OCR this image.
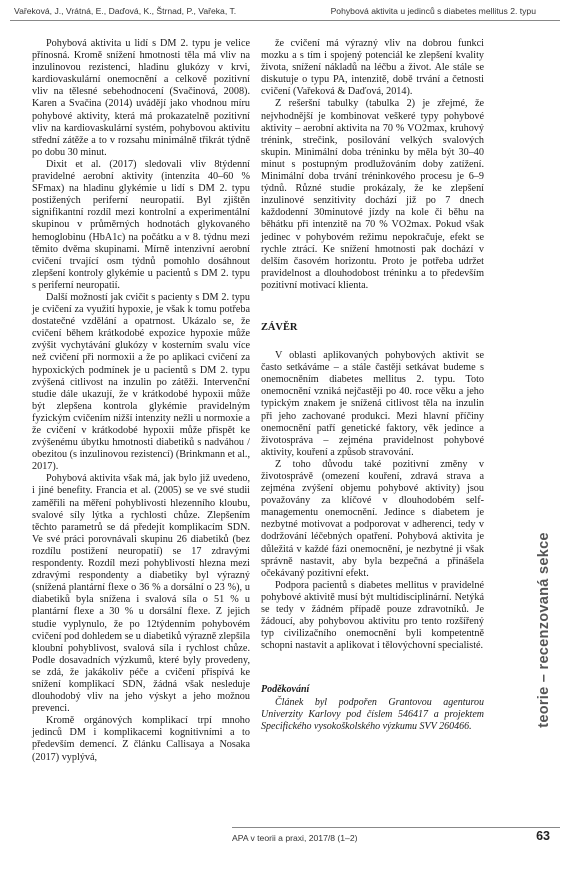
Vařeková, J., Vrátná, E., Daďová, K., Štrnad, P., Vařeka, T.	Pohybová aktivita u jedinců s diabetes mellitus 2. typu

Pohybová aktivita u lidí s DM 2. typu je velice přínosná. Kromě snížení hmotnosti těla má vliv na inzulinovou rezistenci, hladinu glukózy v krvi, kardiovaskulární onemocnění a celkově pozitivní vliv na tělesné sebehodnocení (Svačinová, 2008). Karen a Svačina (2014) uvádějí jako vhodnou míru pohybové aktivity, která má prokazatelně pozitivní vliv na kardiovaskulární systém, pohybovou aktivitu střední zátěže a to v rozsahu minimálně třikrát týdně po dobu 30 minut.

Dixit et al. (2017) sledovali vliv 8týdenní pravidelné aerobní aktivity (intenzita 40–60 % SFmax) na hladinu glykémie u lidí s DM 2. typu postižených periferní neuropatií. Byl zjištěn signifikantní rozdíl mezi kontrolní a experimentální skupinou v průměrných hodnotách glykovaného hemoglobinu (HbA1c) na počátku a v 8. týdnu mezi těmito dvěma skupinami. Mírně intenzivní aerobní cvičení trvající osm týdnů pomohlo dosáhnout zlepšení kontroly glykémie u pacientů s DM 2. typu s periferní neuropatií.

Další možností jak cvičit s pacienty s DM 2. typu je cvičení za využití hypoxie, je však k tomu potřeba dostatečné vzdělání a opatrnost. Ukázalo se, že cvičení během krátkodobé expozice hypoxie může zvýšit vychytávání glukózy v kosterním svalu více než cvičení při normoxii a že po aplikaci cvičení za hypoxických podmínek je u pacientů s DM 2. typu zvýšená citlivost na inzulin po zátěži. Intervenční studie dále ukazují, že v krátkodobé hypoxii může být zlepšena kontrola glykémie pravidelným fyzickým cvičením nižší intenzity nežli u normoxie a že cvičení v krátkodobé hypoxii může přispět ke zvýšenému úbytku hmotnosti diabetiků s nadváhou / obezitou (s inzulinovou rezistencí) (Brinkmann et al., 2017).

Pohybová aktivita však má, jak bylo již uvedeno, i jiné benefity. Francia et al. (2005) se ve své studii zaměřili na měření pohyblivosti hlezenního kloubu, svalové síly lýtka a rychlosti chůze. Zlepšením těchto parametrů se dá předejít komplikacím SDN. Ve své práci porovnávali skupinu 26 diabetiků (bez rozdílu postižení neuropatií) se 17 zdravými respondenty. Rozdíl mezi pohyblivostí hlezna mezi zdravými respondenty a diabetiky byl výrazný (snížená plantární flexe o 36 % a dorsální o 23 %), u diabetiků byla snížena i svalová síla o 51 % u plantární flexe a 30 % u dorsální flexe. Z jejich studie vyplynulo, že po 12týdenním pohybovém cvičení pod dohledem se u diabetiků výrazně zlepšila kloubní pohyblivost, svalová síla i rychlost chůze. Podle dosavadních výzkumů, které byly provedeny, se zdá, že jakákoliv péče a cvičení přispívá ke snížení komplikací SDN, žádná však nesleduje dlouhodobý vliv na jeho výskyt a jeho možnou prevenci.

Kromě orgánových komplikací trpí mnoho jedinců DM i komplikacemi kognitivními a to především demencí. Z článku Callisaya a Nosaka (2017) vyplývá,

že cvičení má výrazný vliv na dobrou funkci mozku a s tím i spojený potenciál ke zlepšení kvality života, snížení nákladů na léčbu a život. Ale stále se diskutuje o typu PA, intenzitě, době trvání a četnosti cvičení (Vařeková & Daďová, 2014).

Z rešeršní tabulky (tabulka 2) je zřejmé, že nejvhodnější je kombinovat veškeré typy pohybové aktivity – aerobní aktivita na 70 % VO2max, kruhový trénink, strečink, posilování velkých svalových skupin. Minimální doba tréninku by měla být 30–40 minut s postupným prodlužováním doby zatížení. Minimální doba trvání tréninkového procesu je 6–9 týdnů. Různé studie prokázaly, že ke zlepšení inzulinové senzitivity dochází již po 7 dnech každodenní 30minutové jízdy na kole či běhu na běhátku při intenzitě na 70 % VO2max. Pokud však jedinec v pohybovém režimu nepokračuje, efekt se rychle ztrácí. Ke snížení hmotnosti pak dochází v delším časovém horizontu. Proto je potřeba udržet pravidelnost a dlouhodobost tréninku a to především pozitivní motivací klienta.

ZÁVĚR

V oblasti aplikovaných pohybových aktivit se často setkáváme – a stále častěji setkávat budeme s onemocněním diabetes mellitus 2. typu. Toto onemocnění vzniká nejčastěji po 40. roce věku a jeho typickým znakem je snížená citlivost těla na inzulin při jeho zachované produkci. Mezi hlavní příčiny onemocnění patří genetické faktory, věk jedince a životospráva – zejména pravidelnost pohybové aktivity, kouření a způsob stravování.

Z toho důvodu také pozitivní změny v životosprávě (omezení kouření, zdravá strava a zejména zvýšení objemu pohybové aktivity) jsou považovány za klíčové v dlouhodobém self-managementu onemocnění. Jedince s diabetem je nezbytné motivovat a podporovat v adherenci, tedy v dodržování léčebných opatření. Pohybová aktivita je důležitá v každé fázi onemocnění, je nezbytné ji však správně nastavit, aby byla bezpečná a přinášela očekávaný pozitivní efekt.

Podpora pacientů s diabetes mellitus v pravidelné pohybové aktivitě musí být multidisciplinární. Netýká se tedy v žádném případě pouze zdravotníků. Je žádoucí, aby pohybovou aktivitu pro tento rozšířený typ civilizačního onemocnění byli kompetentně schopni nastavit a aplikovat i tělovýchovní specialisté.

Poděkování
Článek byl podpořen Grantovou agenturou Univerzity Karlovy pod číslem 546417 a projektem Specifického vysokoškolského výzkumu SVV 260466.	teorie – recenzovaná sekce
APA v teorii a praxi, 2017/8 (1–2)	63
